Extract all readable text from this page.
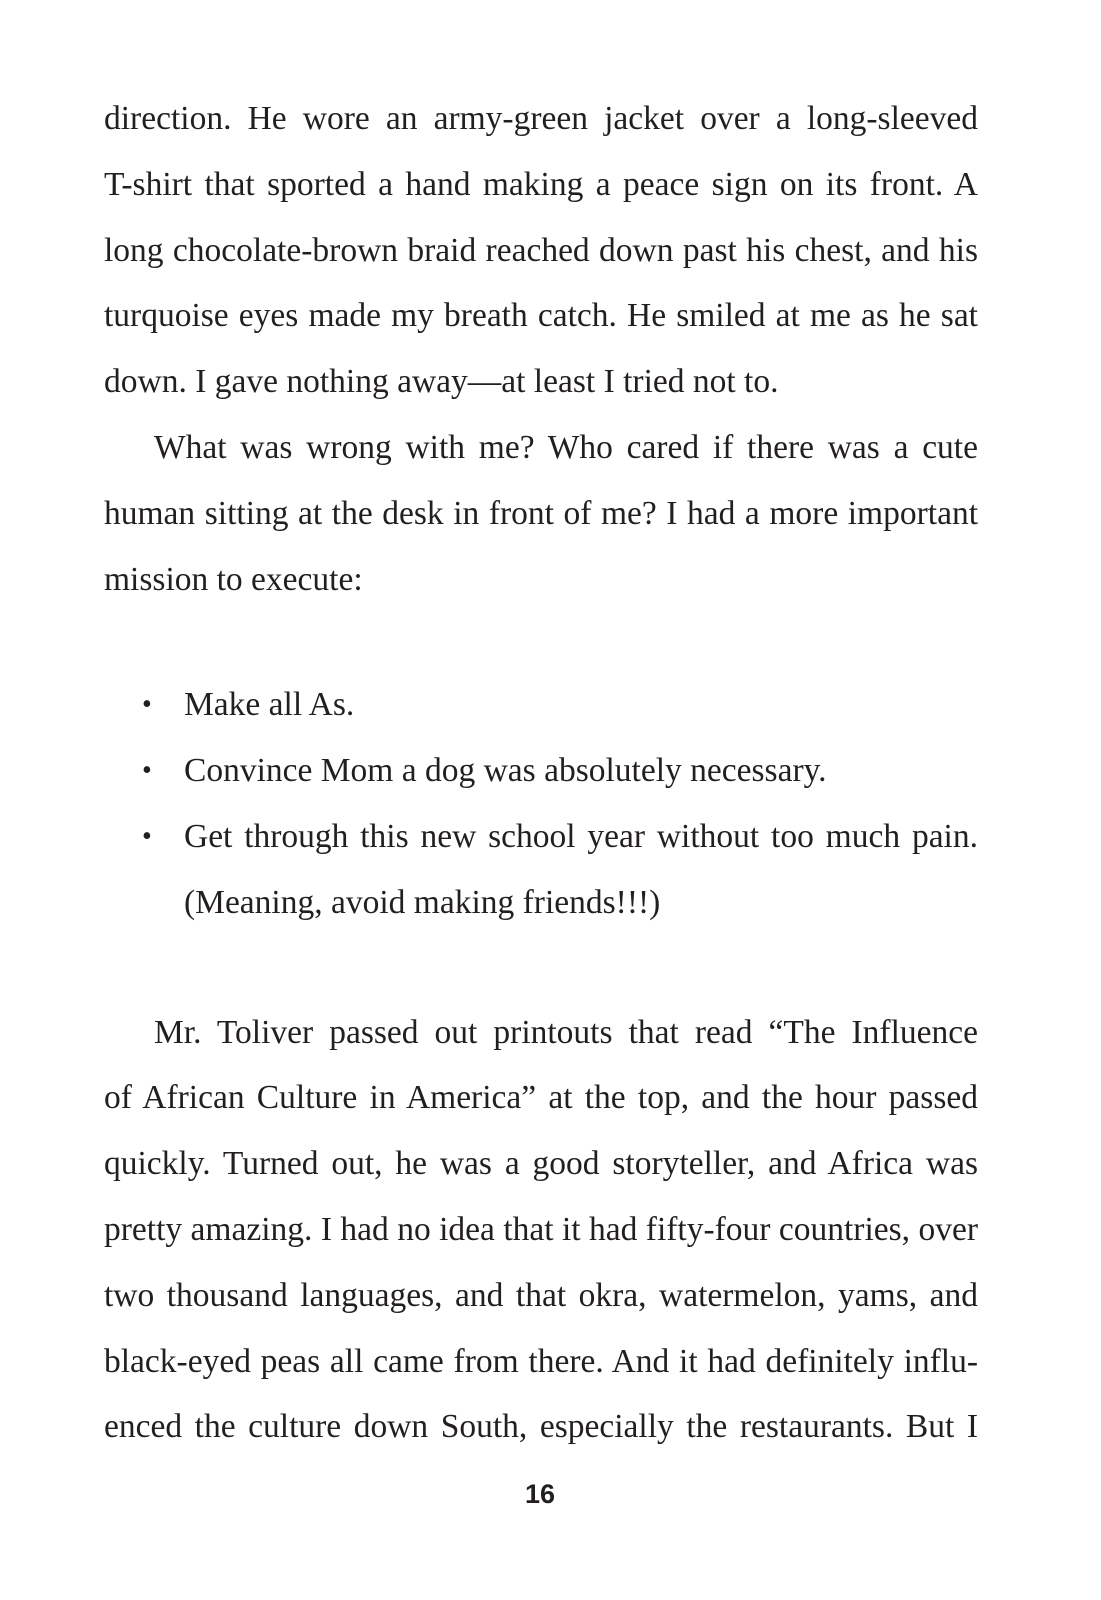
direction. He wore an army-green jacket over a long-sleeved
T-shirt that sported a hand making a peace sign on its front. A
long chocolate-brown braid reached down past his chest, and his
turquoise eyes made my breath catch. He smiled at me as he sat
down. I gave nothing away—at least I tried not to.
What was wrong with me? Who cared if there was a cute
human sitting at the desk in front of me? I had a more important
mission to execute:
• Make all As.
• Convince Mom a dog was absolutely necessary.
• Get through this new school year without too much pain.
(Meaning, avoid making friends!!!)
Mr. Toliver passed out printouts that read “The Influence
of African Culture in America” at the top, and the hour passed
quickly. Turned out, he was a good storyteller, and Africa was
pretty amazing. I had no idea that it had fifty-four countries, over
two thousand languages, and that okra, watermelon, yams, and
black-eyed peas all came from there. And it had definitely influ-
enced the culture down South, especially the restaurants. But I
16
